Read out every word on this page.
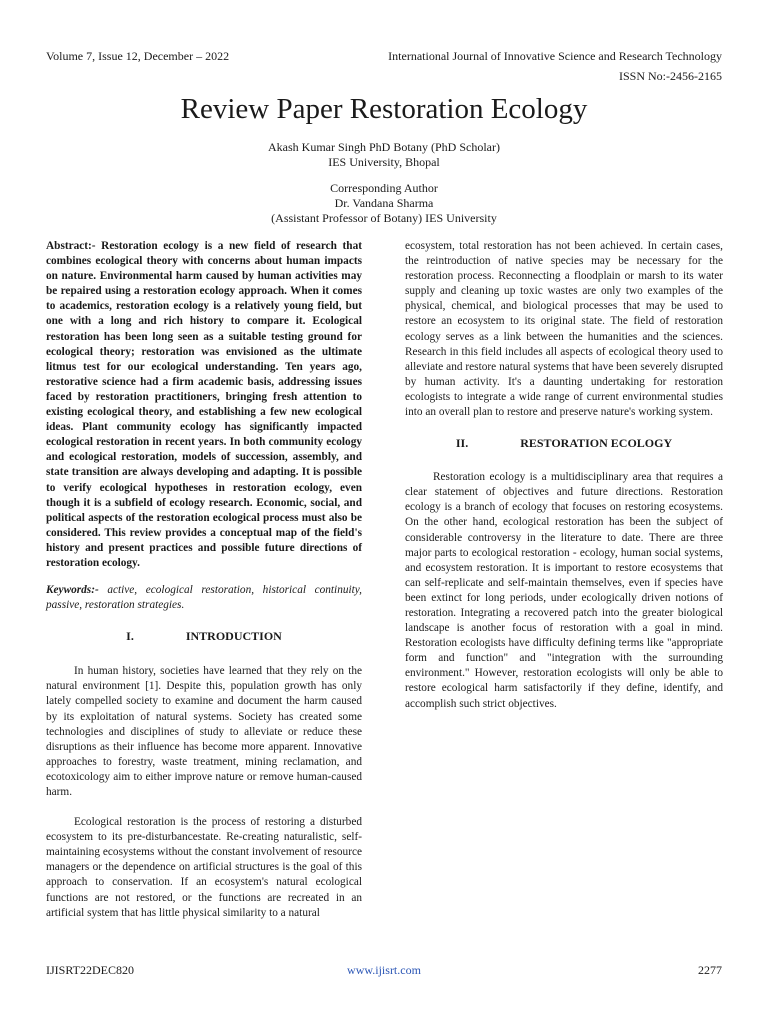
Volume 7, Issue 12, December – 2022	International Journal of Innovative Science and Research Technology
ISSN No:-2456-2165
Review Paper Restoration Ecology
Akash Kumar Singh PhD Botany (PhD Scholar)
IES University, Bhopal
Corresponding Author
Dr. Vandana Sharma
(Assistant Professor of Botany) IES University

Abstract:- Restoration ecology is a new field of research that combines ecological theory with concerns about human impacts on nature. Environmental harm caused by human activities may be repaired using a restoration ecology approach. When it comes to academics, restoration ecology is a relatively young field, but one with a long and rich history to compare it. Ecological restoration has been long seen as a suitable testing ground for ecological theory; restoration was envisioned as the ultimate litmus test for our ecological understanding. Ten years ago, restorative science had a firm academic basis, addressing issues faced by restoration practitioners, bringing fresh attention to existing ecological theory, and establishing a few new ecological ideas. Plant community ecology has significantly impacted ecological restoration in recent years. In both community ecology and ecological restoration, models of succession, assembly, and state transition are always developing and adapting. It is possible to verify ecological hypotheses in restoration ecology, even though it is a subfield of ecology research. Economic, social, and political aspects of the restoration ecological process must also be considered. This review provides a conceptual map of the field's history and present practices and possible future directions of restoration ecology.

Keywords:- active, ecological restoration, historical continuity, passive, restoration strategies.

I.	INTRODUCTION

In human history, societies have learned that they rely on the natural environment [1]. Despite this, population growth has only lately compelled society to examine and document the harm caused by its exploitation of natural systems. Society has created some technologies and disciplines of study to alleviate or reduce these disruptions as their influence has become more apparent. Innovative approaches to forestry, waste treatment, mining reclamation, and ecotoxicology aim to either improve nature or remove human-caused harm.

Ecological restoration is the process of restoring a disturbed ecosystem to its pre-disturbancestate. Re-creating naturalistic, self-maintaining ecosystems without the constant involvement of resource managers or the dependence on artificial structures is the goal of this approach to conservation. If an ecosystem's natural ecological functions are not restored, or the functions are recreated in an artificial system that has little physical similarity to a natural

ecosystem, total restoration has not been achieved. In certain cases, the reintroduction of native species may be necessary for the restoration process. Reconnecting a floodplain or marsh to its water supply and cleaning up toxic wastes are only two examples of the physical, chemical, and biological processes that may be used to restore an ecosystem to its original state. The field of restoration ecology serves as a link between the humanities and the sciences. Research in this field includes all aspects of ecological theory used to alleviate and restore natural systems that have been severely disrupted by human activity. It's a daunting undertaking for restoration ecologists to integrate a wide range of current environmental studies into an overall plan to restore and preserve nature's working system.

II.	RESTORATION ECOLOGY

Restoration ecology is a multidisciplinary area that requires a clear statement of objectives and future directions. Restoration ecology is a branch of ecology that focuses on restoring ecosystems. On the other hand, ecological restoration has been the subject of considerable controversy in the literature to date. There are three major parts to ecological restoration - ecology, human social systems, and ecosystem restoration. It is important to restore ecosystems that can self-replicate and self-maintain themselves, even if species have been extinct for long periods, under ecologically driven notions of restoration. Integrating a recovered patch into the greater biological landscape is another focus of restoration with a goal in mind. Restoration ecologists have difficulty defining terms like "appropriate form and function" and "integration with the surrounding environment." However, restoration ecologists will only be able to restore ecological harm satisfactorily if they define, identify, and accomplish such strict objectives.

IJISRT22DEC820	www.ijisrt.com	2277
